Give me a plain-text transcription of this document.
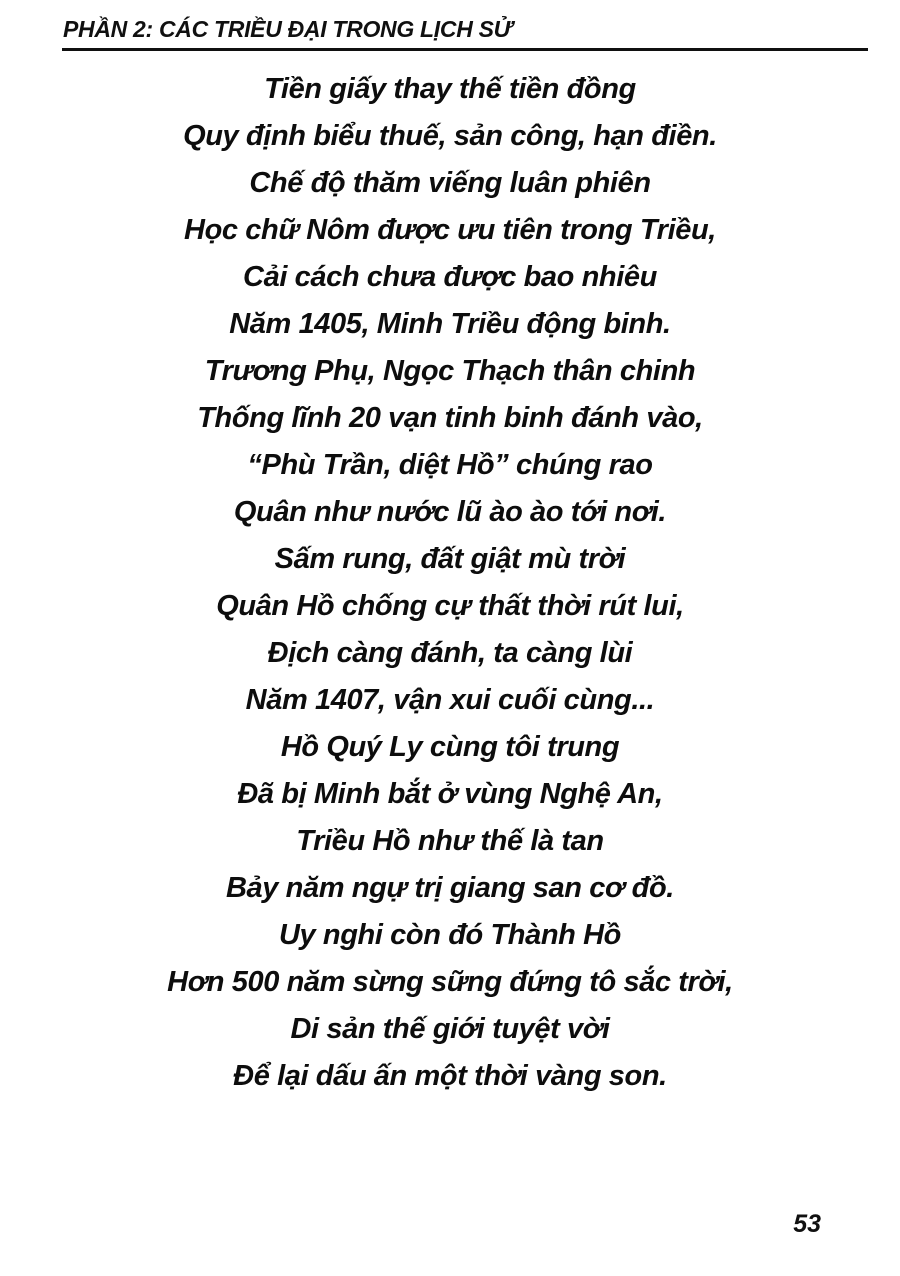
PHẦN 2: CÁC TRIỀU ĐẠI TRONG LỊCH SỬ

Tiền giấy thay thế tiền đồng

Quy định biểu thuế, sản công, hạn điền.

Chế độ thăm viếng luân phiên

Học chữ Nôm được ưu tiên trong Triều,

Cải cách chưa được bao nhiêu

Năm 1405, Minh Triều động binh.

Trương Phụ, Ngọc Thạch thân chinh

Thống lĩnh 20 vạn tinh binh đánh vào,

“Phù Trần, diệt Hồ” chúng rao

Quân như nước lũ ào ào tới nơi.

Sấm rung, đất giật mù trời

Quân Hồ chống cự thất thời rút lui,

Địch càng đánh, ta càng lùi

Năm 1407, vận xui cuối cùng...

Hồ Quý Ly cùng tôi trung

Đã bị Minh bắt ở vùng Nghệ An,

Triều Hồ như thế là tan

Bảy năm ngự trị giang san cơ đồ.

Uy nghi còn đó Thành Hồ

Hơn 500 năm sừng sững đứng tô sắc trời,

Di sản thế giới tuyệt vời

Để lại dấu ấn một thời vàng son.

53
